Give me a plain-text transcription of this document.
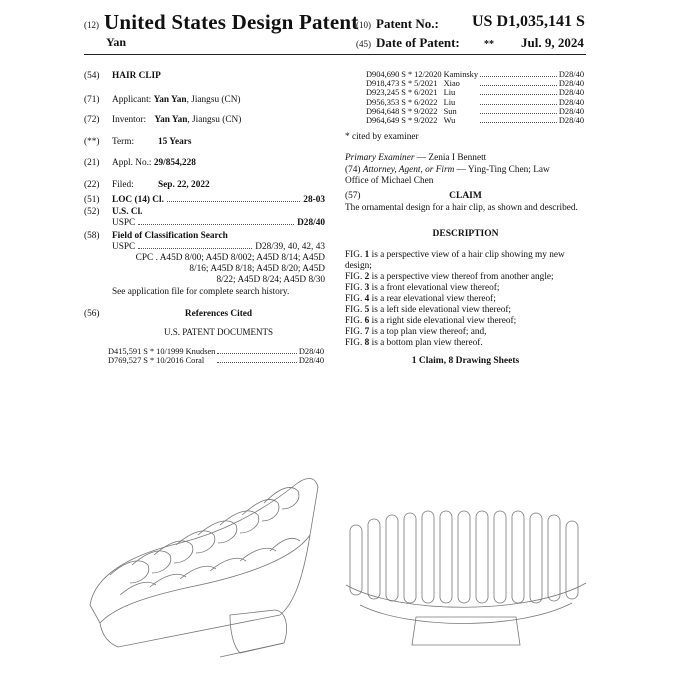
(12) United States Design Patent
Yan
(10) Patent No.: US D1,035,141 S
(45) Date of Patent: ** Jul. 9, 2024
(54) HAIR CLIP
(71) Applicant: Yan Yan, Jiangsu (CN)
(72) Inventor: Yan Yan, Jiangsu (CN)
(**) Term:	15 Years
(21) Appl. No.: 29/854,228
(22) Filed:	Sep. 22, 2022
(51) LOC (14) Cl.	28-03
(52) U.S. Cl.
USPC	D28/40
(58) Field of Classification Search
USPC	D28/39, 40, 42, 43
CPC . A45D 8/00; A45D 8/002; A45D 8/14; A45D
8/16; A45D 8/18; A45D 8/20; A45D
8/22; A45D 8/24; A45D 8/30
See application file for complete search history.
(56)	References Cited
U.S. PATENT DOCUMENTS
D415,591	S	*	10/1999	Knudsen		D28/40
D769,527	S	*	10/2016	Coral		D28/40
D904,690	S	*	12/2020	Kaminsky		D28/40
D918,473	S	*	5/2021	Xiao		D28/40
D923,245	S	*	6/2021	Liu		D28/40
D956,353	S	*	6/2022	Liu		D28/40
D964,648	S	*	9/2022	Sun		D28/40
D964,649	S	*	9/2022	Wu		D28/40
* cited by examiner
Primary Examiner — Zenia I Bennett
(74) Attorney, Agent, or Firm — Ying-Ting Chen; Law
Office of Michael Chen
(57)	CLAIM
The ornamental design for a hair clip, as shown and described.
DESCRIPTION

FIG. 1 is a perspective view of a hair clip showing my new design;

FIG. 2 is a perspective view thereof from another angle;

FIG. 3 is a front elevational view thereof;

FIG. 4 is a rear elevational view thereof;

FIG. 5 is a left side elevational view thereof;

FIG. 6 is a right side elevational view thereof;

FIG. 7 is a top plan view thereof; and,

FIG. 8 is a bottom plan view thereof.

1 Claim, 8 Drawing Sheets
